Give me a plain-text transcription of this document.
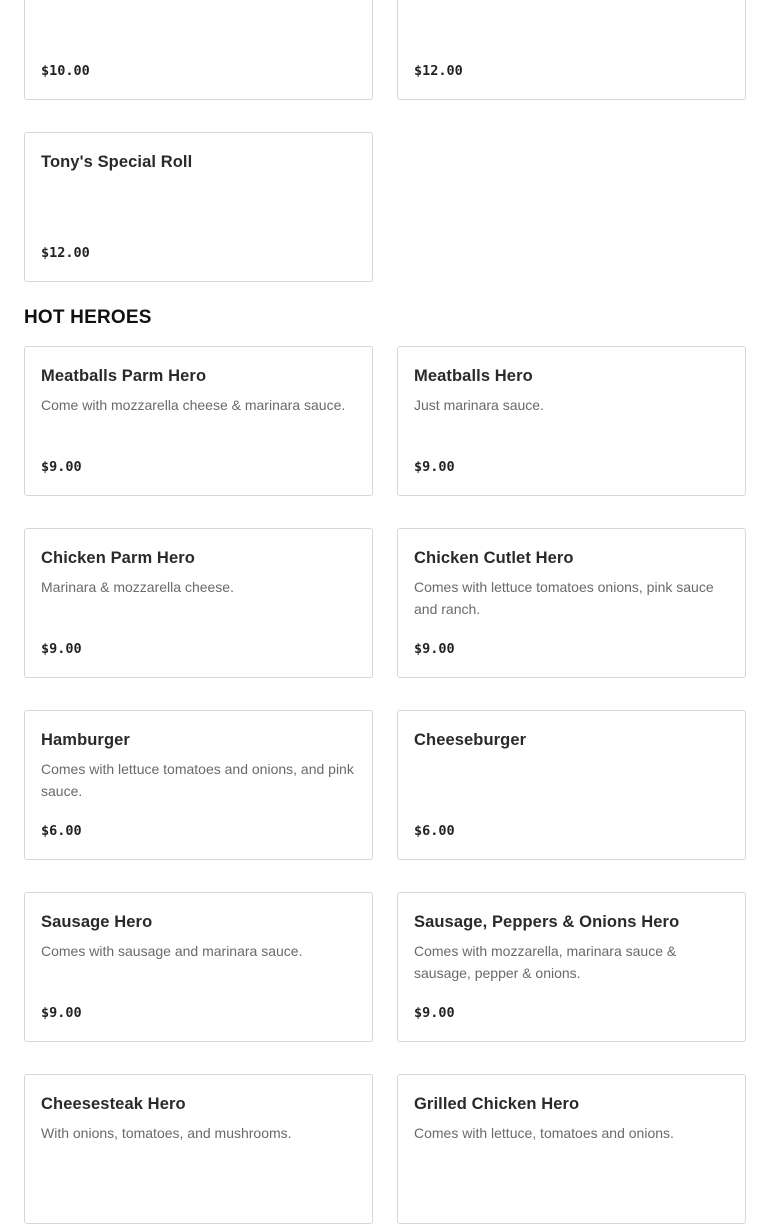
$10.00	$12.00
Tony's Special Roll
$12.00
HOT HEROES
Meatballs Parm Hero
Come with mozzarella cheese & marinara sauce.
$9.00
Meatballs Hero
Just marinara sauce.
$9.00
Chicken Parm Hero
Marinara & mozzarella cheese.
$9.00
Chicken Cutlet Hero
Comes with lettuce tomatoes onions, pink sauce and ranch.
$9.00
Hamburger
Comes with lettuce tomatoes and onions, and pink sauce.
$6.00
Cheeseburger
$6.00
Sausage Hero
Comes with sausage and marinara sauce.
$9.00
Sausage, Peppers & Onions Hero
Comes with mozzarella, marinara sauce & sausage, pepper & onions.
$9.00
Cheesesteak Hero
With onions, tomatoes, and mushrooms.
Grilled Chicken Hero
Comes with lettuce, tomatoes and onions.
